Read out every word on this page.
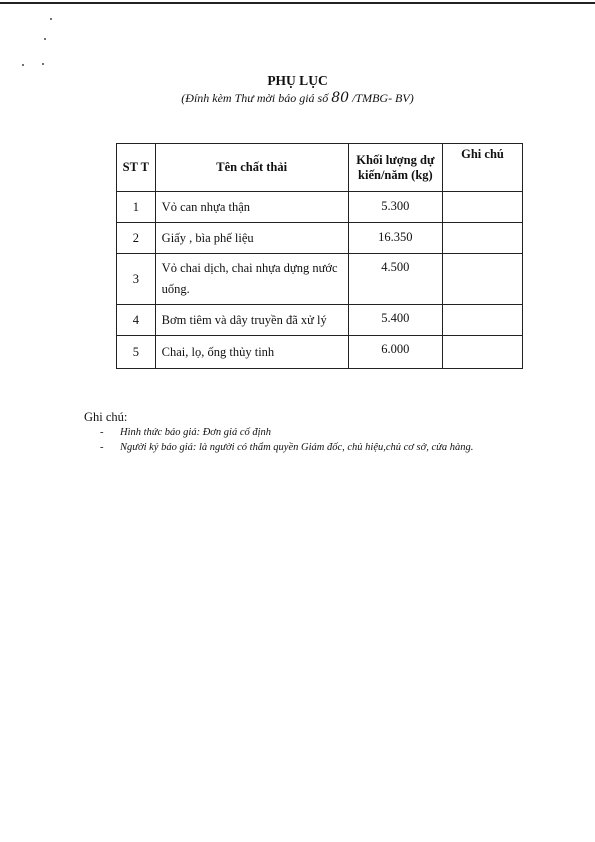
PHỤ LỤC
(Đính kèm Thư mời báo giá số 80 /TMBG- BV)
ST T	Tên chất thải	Khối lượng dự kiến/năm (kg)	Ghi chú
1	Vỏ can nhựa thận	5.300	
2	Giấy , bìa phế liệu	16.350	
3	Vỏ chai dịch, chai nhựa dựng nước uống.	4.500	
4	Bơm tiêm và dây truyền đã xử lý	5.400	
5	Chai, lọ, ống thủy tinh	6.000	
Ghi chú:
- Hình thức báo giá: Đơn giá cố định
- Người ký báo giá: là người có thẩm quyền Giám đốc, chủ hiệu,chủ cơ sở, cửa hàng.
